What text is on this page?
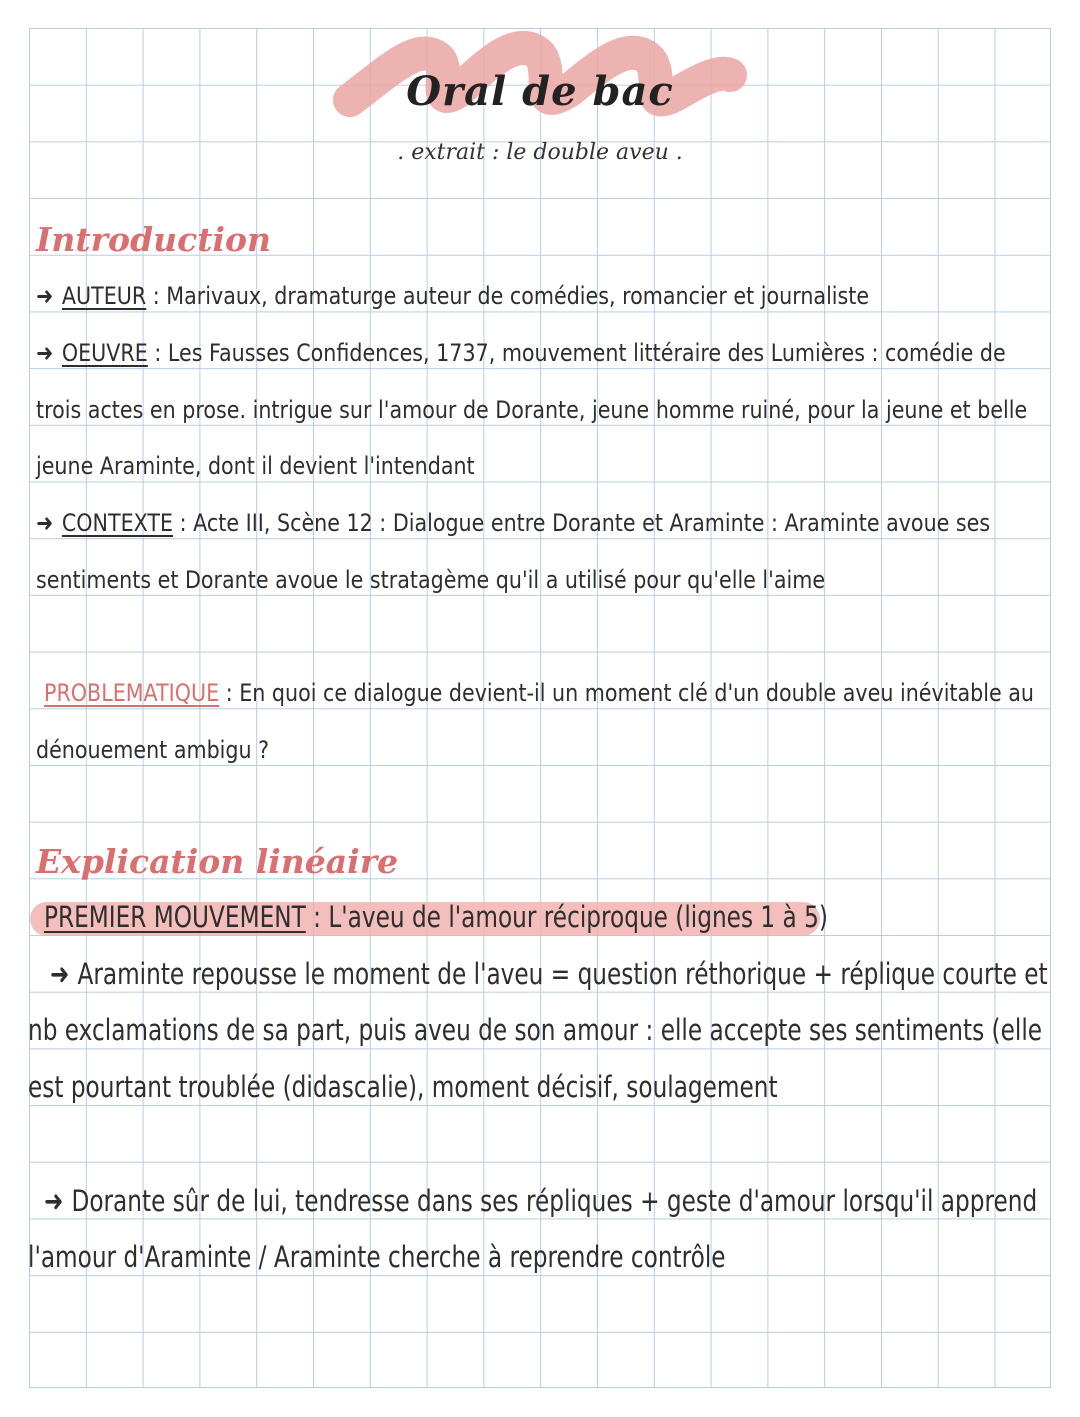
Oral de bac
. extrait : le double aveu .
Introduction
➜ AUTEUR : Marivaux, dramaturge auteur de comédies, romancier et journaliste
➜ OEUVRE : Les Fausses Confidences, 1737, mouvement littéraire des Lumières : comédie de
trois actes en prose. intrigue sur l'amour de Dorante, jeune homme ruiné, pour la jeune et belle
jeune Araminte, dont il devient l'intendant
➜ CONTEXTE : Acte III, Scène 12 : Dialogue entre Dorante et Araminte : Araminte avoue ses
sentiments et Dorante avoue le stratagème qu'il a utilisé pour qu'elle l'aime
PROBLEMATIQUE : En quoi ce dialogue devient-il un moment clé d'un double aveu inévitable au
dénouement ambigu ?
Explication linéaire
PREMIER MOUVEMENT : L'aveu de l'amour réciproque (lignes 1 à 5)
➜ Araminte repousse le moment de l'aveu = question réthorique + réplique courte et
nb exclamations de sa part, puis aveu de son amour : elle accepte ses sentiments (elle
est pourtant troublée (didascalie), moment décisif, soulagement
➜ Dorante sûr de lui, tendresse dans ses répliques + geste d'amour lorsqu'il apprend
l'amour d'Araminte / Araminte cherche à reprendre contrôle
